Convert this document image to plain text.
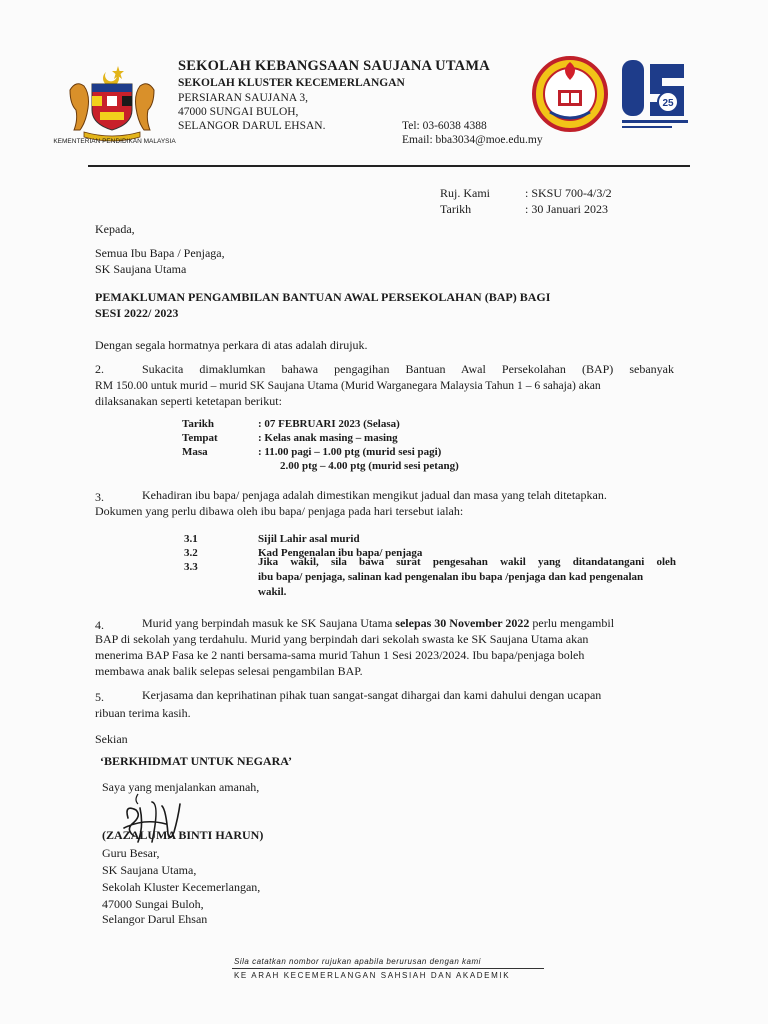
KEMENTERIAN PENDIDIKAN MALAYSIA
SEKOLAH KEBANGSAAN SAUJANA UTAMA
SEKOLAH KLUSTER KECEMERLANGAN
PERSIARAN SAUJANA 3,
47000 SUNGAI BULOH,
SELANGOR DARUL EHSAN.	Tel: 03-6038 4388
Email: bba3034@moe.edu.my
25
Ruj. Kami	: SKSU 700-4/3/2
Tarikh	: 30 Januari 2023
Kepada,
Semua Ibu Bapa / Penjaga,
SK Saujana Utama
PEMAKLUMAN PENGAMBILAN BANTUAN AWAL PERSEKOLAHAN (BAP) BAGI
SESI 2022/ 2023
Dengan segala hormatnya perkara di atas adalah dirujuk.
2.	Sukacita dimaklumkan bahawa pengagihan Bantuan Awal Persekolahan (BAP) sebanyak
RM 150.00 untuk murid – murid SK Saujana Utama (Murid Warganegara Malaysia Tahun 1 – 6 sahaja) akan
dilaksanakan seperti ketetapan berikut:
Tarikh	: 07 FEBRUARI 2023 (Selasa)
Tempat	: Kelas anak masing – masing
Masa	: 11.00 pagi – 1.00 ptg (murid sesi pagi)
2.00 ptg – 4.00 ptg (murid sesi petang)
3.	Kehadiran ibu bapa/ penjaga adalah dimestikan mengikut jadual dan masa yang telah ditetapkan.
Dokumen yang perlu dibawa oleh ibu bapa/ penjaga pada hari tersebut ialah:
3.1	Sijil Lahir asal murid
3.2	Kad Pengenalan ibu bapa/ penjaga
3.3	Jika wakil, sila bawa surat pengesahan wakil yang ditandatangani oleh
ibu bapa/ penjaga, salinan kad pengenalan ibu bapa /penjaga dan kad pengenalan
wakil.
4.	Murid yang berpindah masuk ke SK Saujana Utama selepas 30 November 2022 perlu mengambil
BAP di sekolah yang terdahulu. Murid yang berpindah dari sekolah swasta ke SK Saujana Utama akan
menerima BAP Fasa ke 2 nanti bersama-sama murid Tahun 1 Sesi 2023/2024. Ibu bapa/penjaga boleh
membawa anak balik selepas selesai pengambilan BAP.
5.	Kerjasama dan keprihatinan pihak tuan sangat-sangat dihargai dan kami dahului dengan ucapan
ribuan terima kasih.
Sekian
‘BERKHIDMAT UNTUK NEGARA’
Saya yang menjalankan amanah,
(ZAZALUMA BINTI HARUN)
Guru Besar,
SK Saujana Utama,
Sekolah Kluster Kecemerlangan,
47000 Sungai Buloh,
Selangor Darul Ehsan
Sila catatkan nombor rujukan apabila berurusan dengan kami
KE ARAH KECEMERLANGAN SAHSIAH DAN AKADEMIK
